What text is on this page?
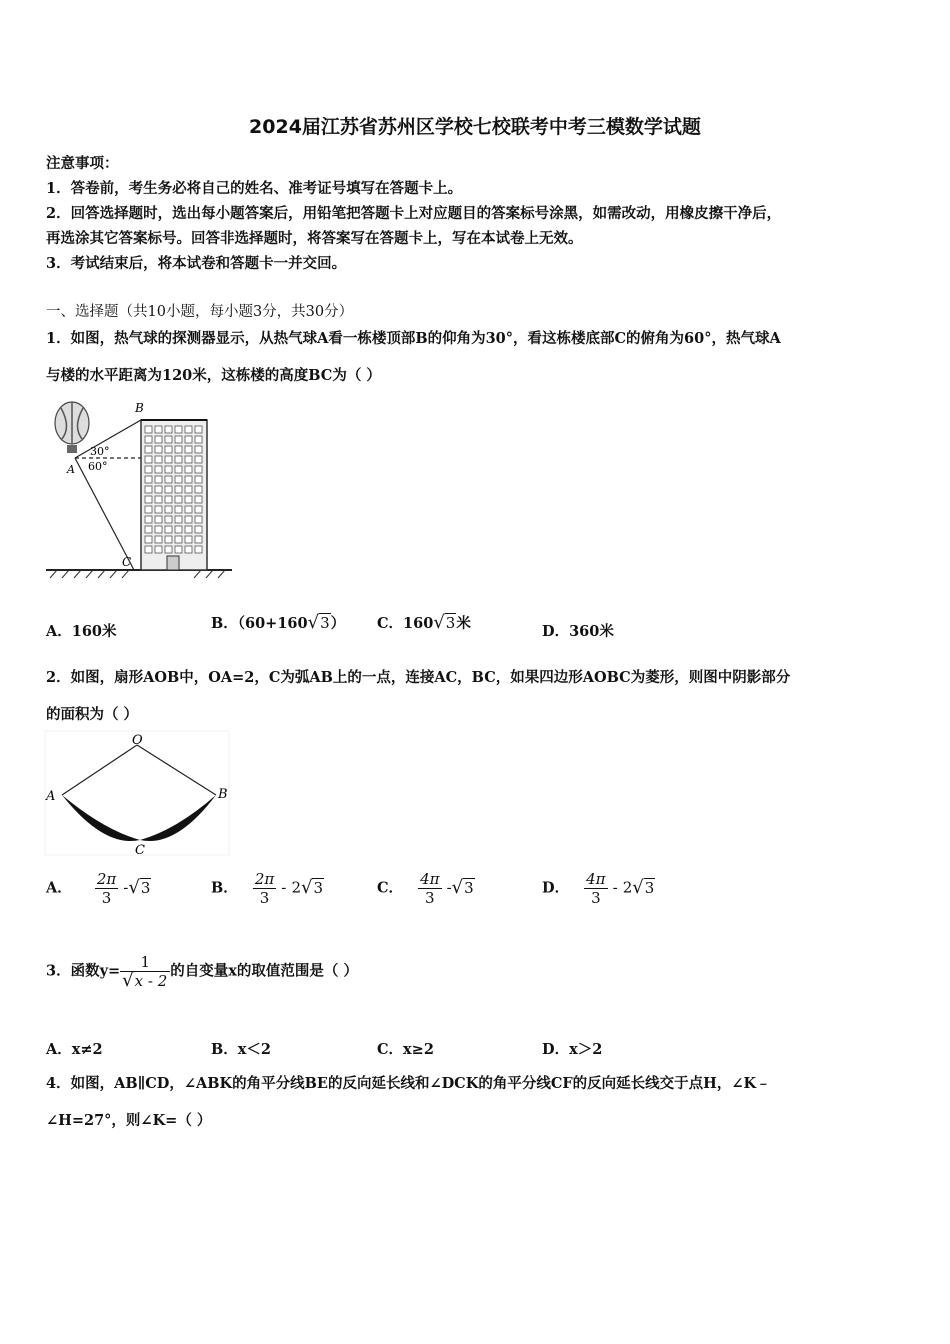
2024届江苏省苏州区学校七校联考中考三模数学试题
注意事项：
1．答卷前，考生务必将自己的姓名、准考证号填写在答题卡上。
2．回答选择题时，选出每小题答案后，用铅笔把答题卡上对应题目的答案标号涂黑，如需改动，用橡皮擦干净后，
再选涂其它答案标号。回答非选择题时，将答案写在答题卡上，写在本试卷上无效。
3．考试结束后，将本试卷和答题卡一并交回。
一、选择题（共10小题，每小题3分，共30分）
1．如图，热气球的探测器显示，从热气球A看一栋楼顶部B的仰角为30°，看这栋楼底部C的俯角为60°，热气球A
与楼的水平距离为120米，这栋楼的高度BC为（ ）
B
A
C
30°
60°
A．160米	B．（60+160√3） C．160√3米	D．360米
2．如图，扇形AOB中，OA=2，C为弧AB上的一点，连接AC，BC，如果四边形AOBC为菱形，则图中阴影部分
的面积为（ ）
O
A	B
C
A． $\frac{2\pi}{3} -√3$	B． $\frac{2\pi}{3} - 2√3$	C． $\frac{4\pi}{3} -√3$	D． $\frac{4\pi}{3} - 2√3$
3．函数$y= \frac{1}{√x - 2}$ 的自变量x的取值范围是（ ）
A．x≠2	B．x＜2	C．x≥2	D．x＞2
4．如图，AB∥CD，∠ABK的角平分线BE的反向延长线和∠DCK的角平分线CF的反向延长线交于点H，∠K﹣
∠H=27°，则∠K=（ ）
